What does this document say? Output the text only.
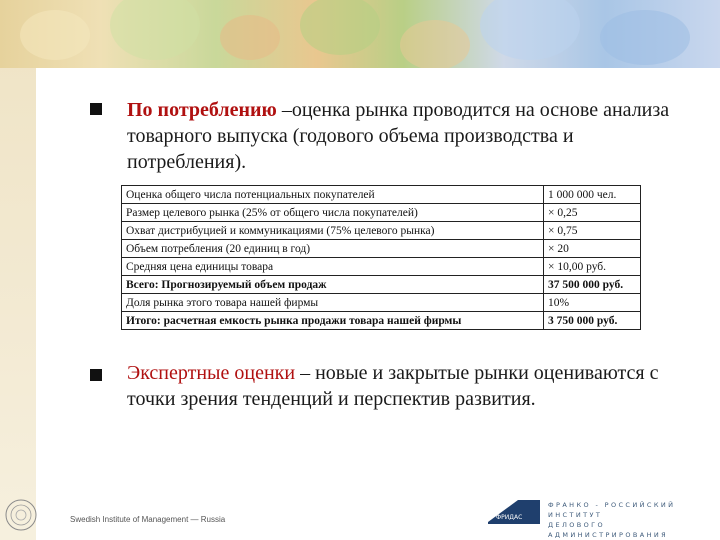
По потреблению –оценка рынка проводится на основе анализа товарного выпуска (годового объема производства и потребления).
Оценка общего числа потенциальных покупателей	1 000 000 чел.
Размер целевого рынка (25% от общего числа покупателей)	× 0,25
Охват дистрибуцией и коммуникациями (75% целевого рынка)	× 0,75
Объем потребления (20 единиц в год)	× 20
Средняя цена единицы товара	× 10,00 руб.
Всего: Прогнозируемый объем продаж	37 500 000 руб.
Доля рынка этого товара нашей фирмы	10%
Итого: расчетная емкость рынка продажи товара нашей фирмы	3 750 000 руб.
Экспертные оценки – новые и закрытые рынки оцениваются с точки зрения тенденций и перспектив развития.
Swedish Institute of Management — Russia	ФРИДАС
ФРАНКО - РОССИЙСКИЙ ИНСТИТУТ
ДЕЛОВОГО АДМИНИСТРИРОВАНИЯ
